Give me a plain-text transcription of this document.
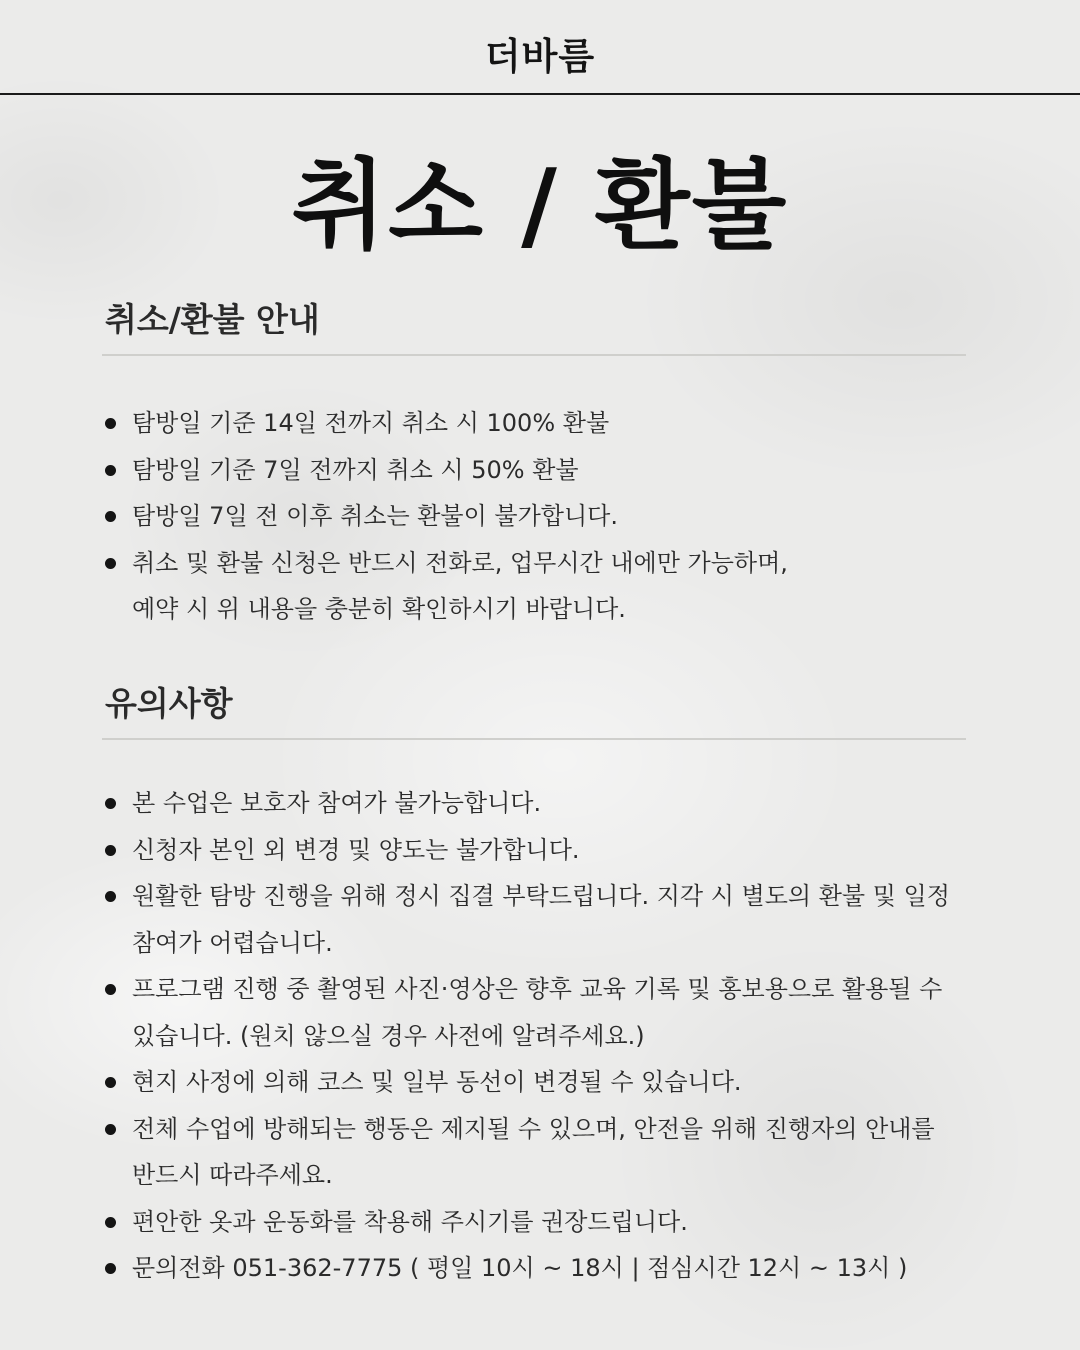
더바름
취소 / 환불
취소/환불 안내
탐방일 기준 14일 전까지 취소 시 100% 환불
탐방일 기준 7일 전까지 취소 시 50% 환불
탐방일 7일 전 이후 취소는 환불이 불가합니다.
취소 및 환불 신청은 반드시 전화로, 업무시간 내에만 가능하며,
예약 시 위 내용을 충분히 확인하시기 바랍니다.
유의사항
본 수업은 보호자 참여가 불가능합니다.
신청자 본인 외 변경 및 양도는 불가합니다.
원활한 탐방 진행을 위해 정시 집결 부탁드립니다. 지각 시 별도의 환불 및 일정
참여가 어렵습니다.
프로그램 진행 중 촬영된 사진·영상은 향후 교육 기록 및 홍보용으로 활용될 수
있습니다. (원치 않으실 경우 사전에 알려주세요.)
현지 사정에 의해 코스 및 일부 동선이 변경될 수 있습니다.
전체 수업에 방해되는 행동은 제지될 수 있으며, 안전을 위해 진행자의 안내를
반드시 따라주세요.
편안한 옷과 운동화를 착용해 주시기를 권장드립니다.
문의전화 051-362-7775 ( 평일 10시 ~ 18시 | 점심시간 12시 ~ 13시 )
